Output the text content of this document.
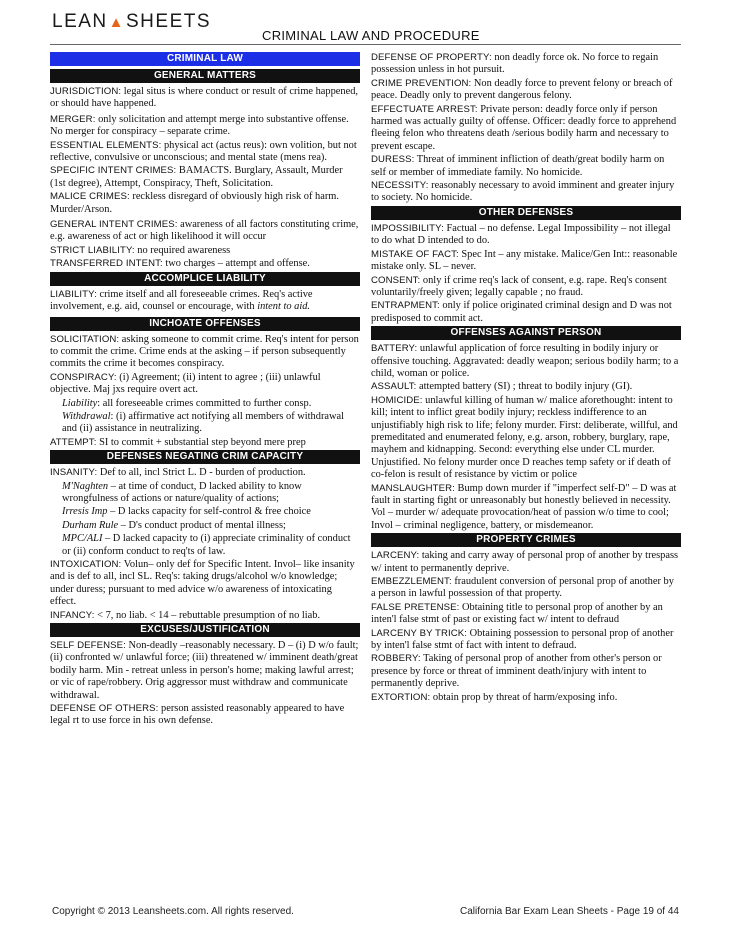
LEAN▲SHEETS
CRIMINAL LAW AND PROCEDURE
CRIMINAL LAW
GENERAL MATTERS
JURISDICTION: legal situs is where conduct or result of crime happened, or should have happened.
MERGER: only solicitation and attempt merge into substantive offense. No merger for conspiracy – separate crime.
ESSENTIAL ELEMENTS: physical act (actus reus): own volition, but not reflective, convulsive or unconscious; and mental state (mens rea).
SPECIFIC INTENT CRIMES: BAMACTS. Burglary, Assault, Murder (1st degree), Attempt, Conspiracy, Theft, Solicitation.
MALICE CRIMES: reckless disregard of obviously high risk of harm. Murder/Arson.
GENERAL INTENT CRIMES: awareness of all factors constituting crime, e.g. awareness of act or high likelihood it will occur
STRICT LIABILITY: no required awareness
TRANSFERRED INTENT: two charges – attempt and offense.
ACCOMPLICE LIABILITY
LIABILITY: crime itself and all foreseeable crimes. Req's active involvement, e.g. aid, counsel or encourage, with intent to aid.
INCHOATE OFFENSES
SOLICITATION: asking someone to commit crime. Req's intent for person to commit the crime. Crime ends at the asking – if person subsequently commits the crime it becomes conspiracy.
CONSPIRACY: (i) Agreement; (ii) intent to agree ; (iii) unlawful objective. Maj jxs require overt act.
Liability: all foreseeable crimes committed to further consp.
Withdrawal: (i) affirmative act notifying all members of withdrawal and (ii) assistance in neutralizing.
ATTEMPT: SI to commit + substantial step beyond mere prep
DEFENSES NEGATING CRIM CAPACITY
INSANITY: Def to all, incl Strict L. D - burden of production.
M'Naghten – at time of conduct, D lacked ability to know wrongfulness of actions or nature/quality of actions;
Irresis Imp – D lacks capacity for self-control & free choice
Durham Rule – D's conduct product of mental illness;
MPC/ALI – D lacked capacity to (i) appreciate criminality of conduct or (ii) conform conduct to req'ts of law.
INTOXICATION: Volun– only def for Specific Intent. Invol– like insanity and is def to all, incl SL. Req's: taking drugs/alcohol w/o knowledge; under duress; pursuant to med advice w/o awareness of intoxicating effect.
INFANCY: < 7, no liab. < 14 – rebuttable presumption of no liab.
EXCUSES/JUSTIFICATION
SELF DEFENSE: Non-deadly –reasonably necessary. D – (i) D w/o fault; (ii) confronted w/ unlawful force; (iii) threatened w/ imminent death/great bodily harm. Min - retreat unless in person's home; making lawful arrest; or vic of rape/robbery. Orig aggressor must withdraw and communicate withdrawal.
DEFENSE OF OTHERS: person assisted reasonably appeared to have legal rt to use force in his own defense.
DEFENSE OF PROPERTY: non deadly force ok. No force to regain possession unless in hot pursuit.
CRIME PREVENTION: Non deadly force to prevent felony or breach of peace. Deadly only to prevent dangerous felony.
EFFECTUATE ARREST: Private person: deadly force only if person harmed was actually guilty of offense. Officer: deadly force to apprehend fleeing felon who threatens death /serious bodily harm and necessary to prevent escape.
DURESS: Threat of imminent infliction of death/great bodily harm on self or member of immediate family. No homicide.
NECESSITY: reasonably necessary to avoid imminent and greater injury to society. No homicide.
OTHER DEFENSES
IMPOSSIBILITY: Factual – no defense. Legal Impossibility – not illegal to do what D intended to do.
MISTAKE OF FACT: Spec Int – any mistake. Malice/Gen Int:: reasonable mistake only. SL – never.
CONSENT: only if crime req's lack of consent, e.g. rape. Req's consent voluntarily/freely given; legally capable ; no fraud.
ENTRAPMENT: only if police originated criminal design and D was not predisposed to commit act.
OFFENSES AGAINST PERSON
BATTERY: unlawful application of force resulting in bodily injury or offensive touching. Aggravated: deadly weapon; serious bodily harm; to a child, woman or police.
ASSAULT: attempted battery (SI) ; threat to bodily injury (GI).
HOMICIDE: unlawful killing of human w/ malice aforethought: intent to kill; intent to inflict great bodily injury; reckless indifference to an unjustifiably high risk to life; felony murder. First: deliberate, willful, and premeditated and enumerated felony, e.g. arson, robbery, burglary, rape, mayhem and kidnapping. Second: everything else under CL murder. Unjustified. No felony murder once D reaches temp safety or if death of co-felon is result of resistance by victim or police
MANSLAUGHTER: Bump down murder if "imperfect self-D" – D was at fault in starting fight or unreasonably but honestly believed in necessity. Vol – murder w/ adequate provocation/heat of passion w/o time to cool; Invol – criminal negligence, battery, or misdemeanor.
PROPERTY CRIMES
LARCENY: taking and carry away of personal prop of another by trespass w/ intent to permanently deprive.
EMBEZZLEMENT: fraudulent conversion of personal prop of another by a person in lawful possession of that property.
FALSE PRETENSE: Obtaining title to personal prop of another by an inten'l false stmt of past or existing fact w/ intent to defraud
LARCENY BY TRICK: Obtaining possession to personal prop of another by inten'l false stmt of fact with intent to defraud.
ROBBERY: Taking of personal prop of another from other's person or presence by force or threat of imminent death/injury with intent to permanently deprive.
EXTORTION: obtain prop by threat of harm/exposing info.
Copyright © 2013 Leansheets.com. All rights reserved.	California Bar Exam Lean Sheets - Page 19 of 44
